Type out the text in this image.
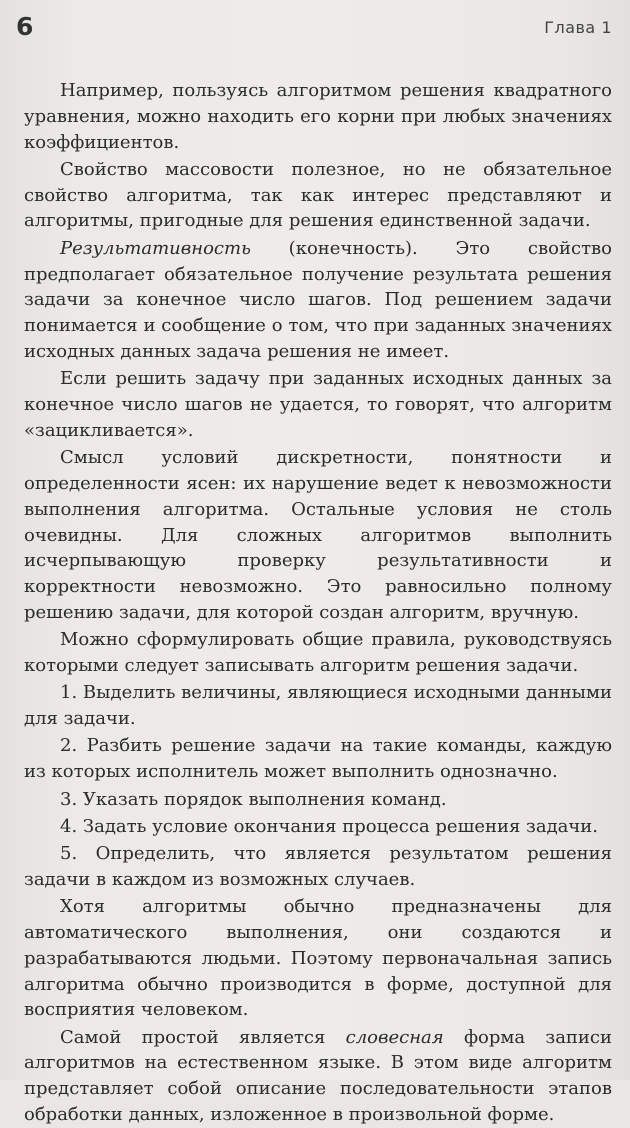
6	Глава 1

Например, пользуясь алгоритмом решения квадратного уравнения, можно находить его корни при любых значениях коэффициентов.

Свойство массовости полезное, но не обязательное свойство алгоритма, так как интерес представляют и алгоритмы, пригодные для решения единственной задачи.

Результативность (конечность). Это свойство предполагает обязательное получение результата решения задачи за конечное число шагов. Под решением задачи понимается и сообщение о том, что при заданных значениях исходных данных задача решения не имеет.

Если решить задачу при заданных исходных данных за конечное число шагов не удается, то говорят, что алгоритм «зацикливается».

Смысл условий дискретности, понятности и определенности ясен: их нарушение ведет к невозможности выполнения алгоритма. Остальные условия не столь очевидны. Для сложных алгоритмов выполнить исчерпывающую проверку результативности и корректности невозможно. Это равносильно полному решению задачи, для которой создан алгоритм, вручную.

Можно сформулировать общие правила, руководствуясь которыми следует записывать алгоритм решения задачи.

1. Выделить величины, являющиеся исходными данными для задачи.

2. Разбить решение задачи на такие команды, каждую из которых исполнитель может выполнить однозначно.

3. Указать порядок выполнения команд.

4. Задать условие окончания процесса решения задачи.

5. Определить, что является результатом решения задачи в каждом из возможных случаев.

Хотя алгоритмы обычно предназначены для автоматического выполнения, они создаются и разрабатываются людьми. Поэтому первоначальная запись алгоритма обычно производится в форме, доступной для восприятия человеком.

Самой простой является словесная форма записи алгоритмов на естественном языке. В этом виде алгоритм представляет собой описание последовательности этапов обработки данных, изложенное в произвольной форме.
